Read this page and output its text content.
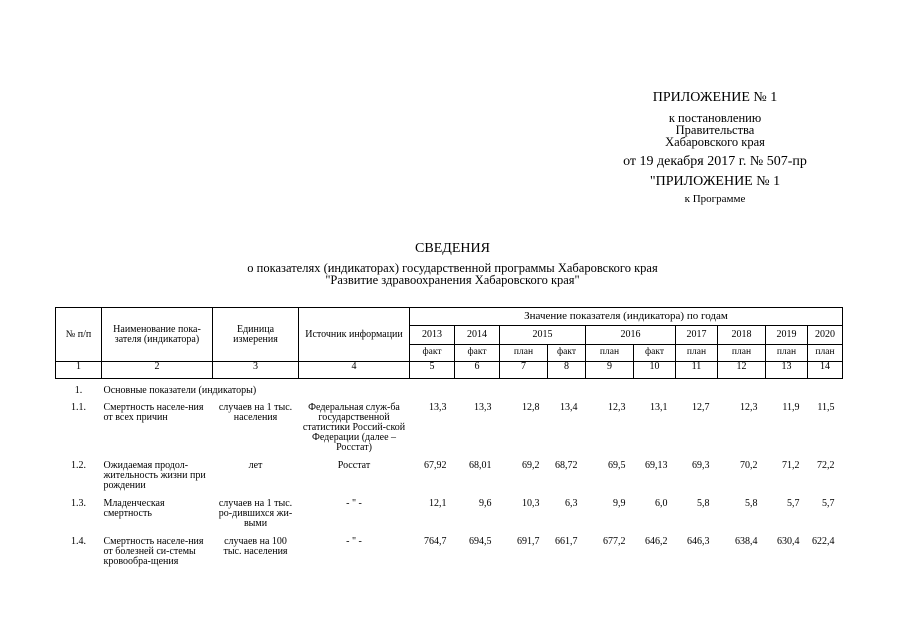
ПРИЛОЖЕНИЕ № 1
к постановлению
Правительства
Хабаровского края
от 19 декабря 2017 г. № 507-пр
"ПРИЛОЖЕНИЕ № 1
к Программе
СВЕДЕНИЯ
о показателях (индикаторах) государственной программы Хабаровского края
"Развитие здравоохранения Хабаровского края"
№ п/п	Наименование пока-зателя (индикатора)	Единица измерения	Источник информации	Значение показателя (индикатора) по годам									
				2013	2014	2015		2016		2017	2018	2019	2020
				факт	факт	план	факт	план	факт	план	план	план	план
1	2	3	4	5	6	7	8	9	10	11	12	13	14
1.	Основные показатели (индикаторы)												
1.1.	Смертность населе-ния от всех причин	случаев на 1 тыс. населения	Федеральная служ-ба государственной статистики Россий-ской Федерации (далее – Росстат)	13,3	13,3	12,8	13,4	12,3	13,1	12,7	12,3	11,9	11,5
1.2.	Ожидаемая продол-жительность жизни при рождении	лет	Росстат	67,92	68,01	69,2	68,72	69,5	69,13	69,3	70,2	71,2	72,2
1.3.	Младенческая смертность	случаев на 1 тыс. ро-дившихся жи-выми	- " -	12,1	9,6	10,3	6,3	9,9	6,0	5,8	5,8	5,7	5,7
1.4.	Смертность населе-ния от болезней си-стемы кровообра-щения	случаев на 100 тыс. населения	- " -	764,7	694,5	691,7	661,7	677,2	646,2	646,3	638,4	630,4	622,4
